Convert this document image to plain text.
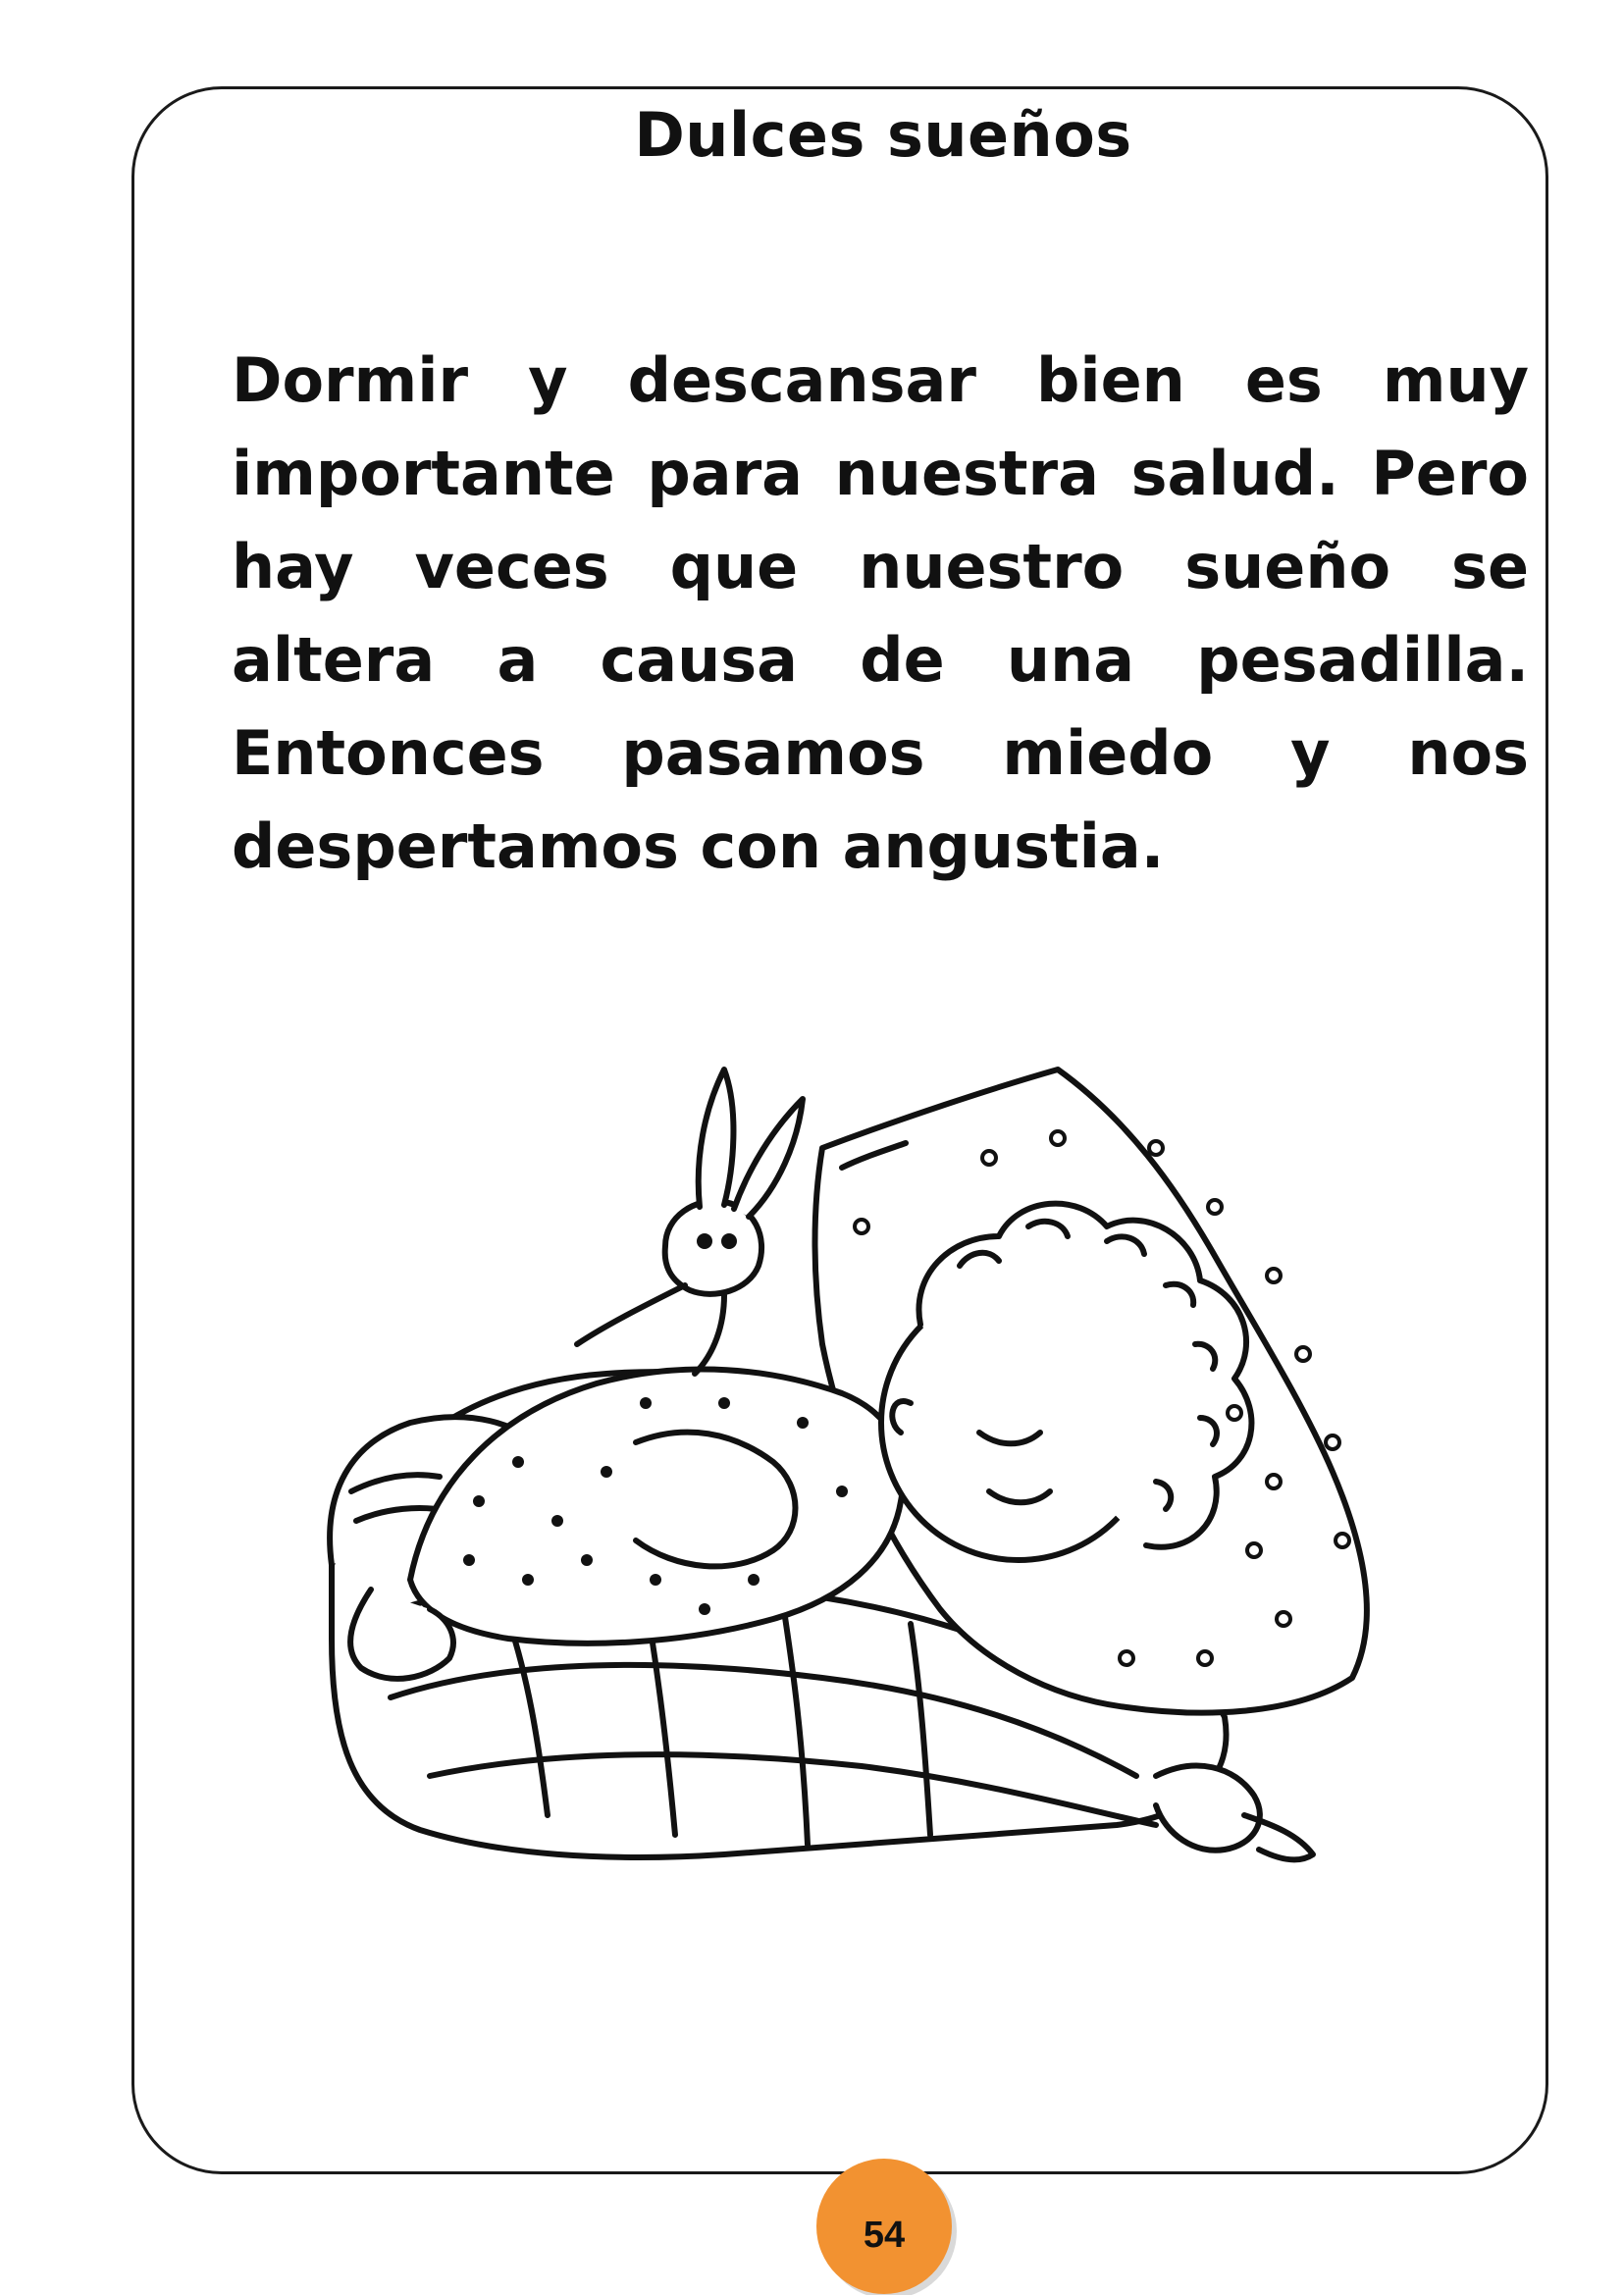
Dulces sueños

Dormir y descansar bien es muy importante para nuestra salud. Pero hay veces que nuestro sueño se altera a causa de una pesadilla. Entonces pasamos miedo y nos despertamos con angustia.

54
